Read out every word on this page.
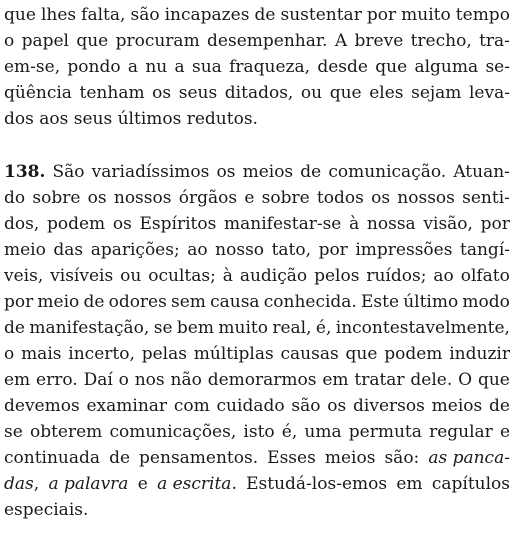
que lhes falta, são incapazes de sustentar por muito tempo
o papel que procuram desempenhar. A breve trecho, tra-
em-se, pondo a nu a sua fraqueza, desde que alguma se-
qüência tenham os seus ditados, ou que eles sejam leva-
dos aos seus últimos redutos.
138. São variadíssimos os meios de comunicação. Atuan-
do sobre os nossos órgãos e sobre todos os nossos senti-
dos, podem os Espíritos manifestar-se à nossa visão, por
meio das aparições; ao nosso tato, por impressões tangí-
veis, visíveis ou ocultas; à audição pelos ruídos; ao olfato
por meio de odores sem causa conhecida. Este último modo
de manifestação, se bem muito real, é, incontestavelmente,
o mais incerto, pelas múltiplas causas que podem induzir
em erro. Daí o nos não demorarmos em tratar dele. O que
devemos examinar com cuidado são os diversos meios de
se obterem comunicações, isto é, uma permuta regular e
continuada de pensamentos. Esses meios são: as panca-
das, a palavra e a escrita. Estudá-los-emos em capítulos
especiais.
